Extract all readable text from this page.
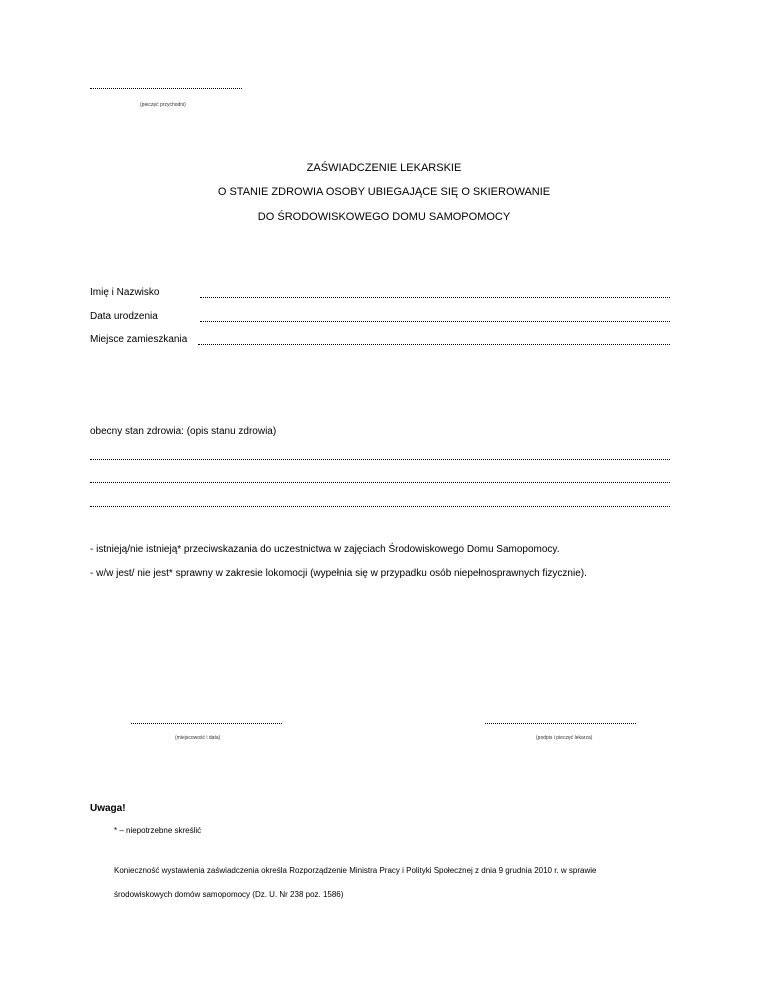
(pieczęć przychodni)
ZAŚWIADCZENIE LEKARSKIE
O STANIE ZDROWIA OSOBY UBIEGAJĄCE SIĘ O SKIEROWANIE
DO ŚRODOWISKOWEGO DOMU SAMOPOMOCY
Imię i Nazwisko
Data urodzenia
Miejsce zamieszkania
obecny stan zdrowia: (opis stanu zdrowia)
- istnieją/nie istnieją* przeciwskazania do uczestnictwa w zajęciach Środowiskowego Domu Samopomocy.
- w/w jest/ nie jest* sprawny w zakresie lokomocji (wypełnia się w przypadku osób niepełnosprawnych fizycznie).
(miejscowość i data)	(podpis i pieczęć lekarza)
Uwaga!
* – niepotrzebne skreślić
Konieczność wystawienia zaświadczenia określa Rozporządzenie Ministra Pracy i Polityki Społecznej z dnia 9 grudnia 2010 r. w sprawie
środowiskowych domów samopomocy (Dz. U. Nr 238 poz. 1586)
